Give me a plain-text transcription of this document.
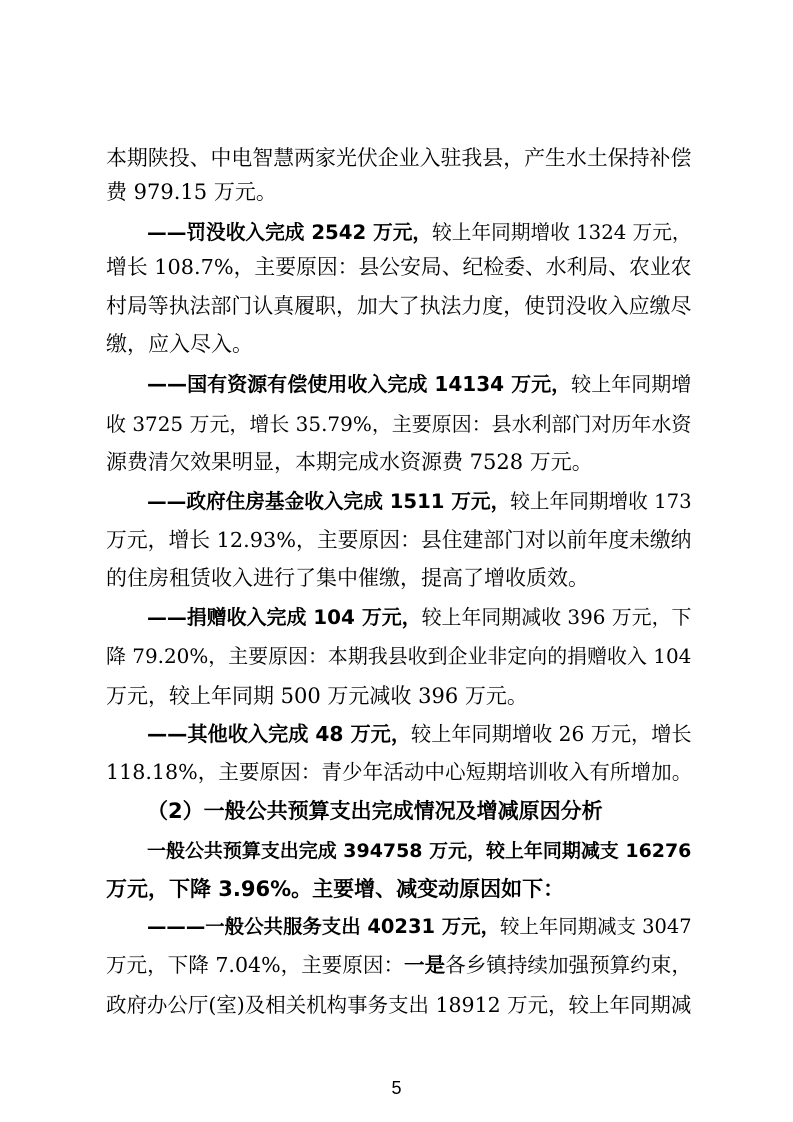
本期陕投、中电智慧两家光伏企业入驻我县，产生水土保持补偿
费 979.15 万元。
——罚没收入完成 2542 万元，较上年同期增收 1324 万元，
增长 108.7%，主要原因：县公安局、纪检委、水利局、农业农
村局等执法部门认真履职，加大了执法力度，使罚没收入应缴尽
缴，应入尽入。
——国有资源有偿使用收入完成 14134 万元，较上年同期增
收 3725 万元，增长 35.79%，主要原因：县水利部门对历年水资
源费清欠效果明显，本期完成水资源费 7528 万元。
——政府住房基金收入完成 1511 万元，较上年同期增收 173
万元，增长 12.93%，主要原因：县住建部门对以前年度未缴纳
的住房租赁收入进行了集中催缴，提高了增收质效。
——捐赠收入完成 104 万元，较上年同期减收 396 万元，下
降 79.20%，主要原因：本期我县收到企业非定向的捐赠收入 104
万元，较上年同期 500 万元减收 396 万元。
——其他收入完成 48 万元，较上年同期增收 26 万元，增长
118.18%，主要原因：青少年活动中心短期培训收入有所增加。
（2）一般公共预算支出完成情况及增减原因分析
一般公共预算支出完成 394758 万元，较上年同期减支 16276
万元，下降 3.96%。主要增、减变动原因如下：
———一般公共服务支出 40231 万元，较上年同期减支 3047
万元，下降 7.04%，主要原因：一是各乡镇持续加强预算约束，
政府办公厅(室)及相关机构事务支出 18912 万元，较上年同期减
5
